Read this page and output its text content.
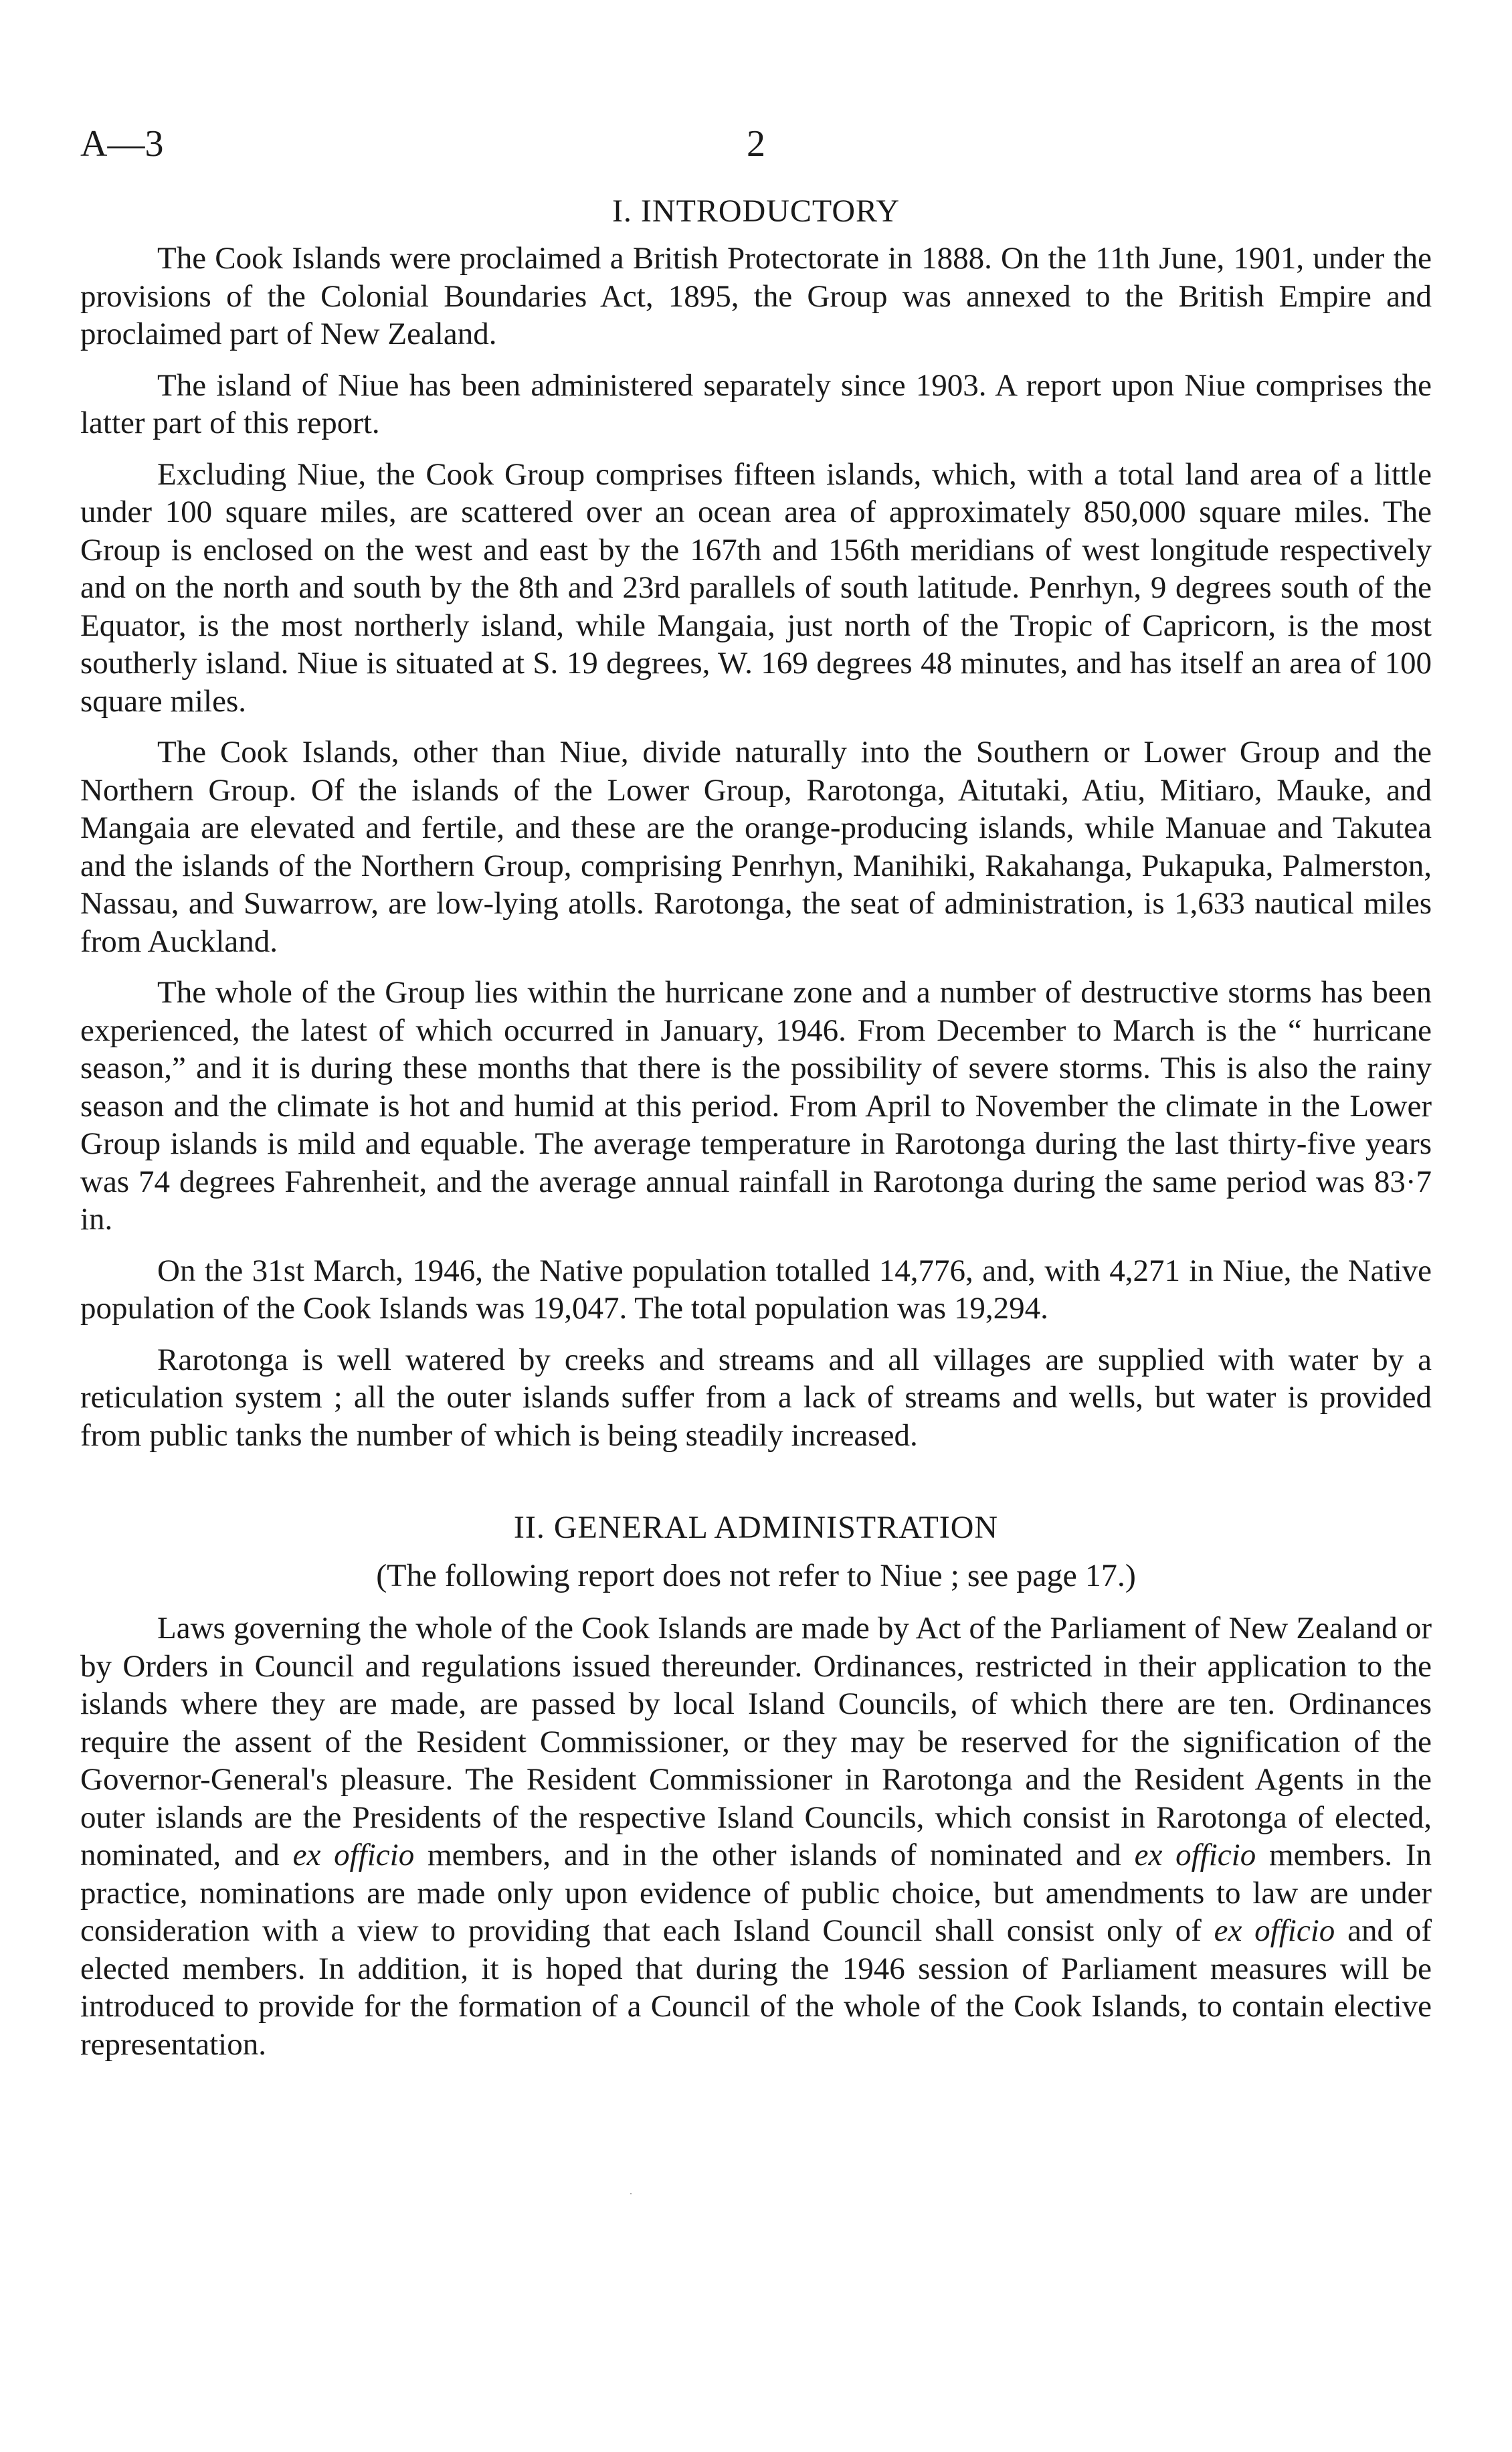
A—3	2
I. INTRODUCTORY

The Cook Islands were proclaimed a British Protectorate in 1888. On the 11th June, 1901, under the provisions of the Colonial Boundaries Act, 1895, the Group was annexed to the British Empire and proclaimed part of New Zealand.

The island of Niue has been administered separately since 1903. A report upon Niue comprises the latter part of this report.

Excluding Niue, the Cook Group comprises fifteen islands, which, with a total land area of a little under 100 square miles, are scattered over an ocean area of approximately 850,000 square miles. The Group is enclosed on the west and east by the 167th and 156th meridians of west longitude respectively and on the north and south by the 8th and 23rd parallels of south latitude. Penrhyn, 9 degrees south of the Equator, is the most northerly island, while Mangaia, just north of the Tropic of Capricorn, is the most southerly island. Niue is situated at S. 19 degrees, W. 169 degrees 48 minutes, and has itself an area of 100 square miles.

The Cook Islands, other than Niue, divide naturally into the Southern or Lower Group and the Northern Group. Of the islands of the Lower Group, Rarotonga, Aitutaki, Atiu, Mitiaro, Mauke, and Mangaia are elevated and fertile, and these are the orange-producing islands, while Manuae and Takutea and the islands of the Northern Group, comprising Penrhyn, Manihiki, Rakahanga, Pukapuka, Palmerston, Nassau, and Suwarrow, are low-lying atolls. Rarotonga, the seat of administration, is 1,633 nautical miles from Auckland.

The whole of the Group lies within the hurricane zone and a number of destructive storms has been experienced, the latest of which occurred in January, 1946. From December to March is the “ hurricane season,” and it is during these months that there is the possibility of severe storms. This is also the rainy season and the climate is hot and humid at this period. From April to November the climate in the Lower Group islands is mild and equable. The average temperature in Rarotonga during the last thirty-five years was 74 degrees Fahrenheit, and the average annual rainfall in Rarotonga during the same period was 83·7 in.

On the 31st March, 1946, the Native population totalled 14,776, and, with 4,271 in Niue, the Native population of the Cook Islands was 19,047. The total population was 19,294.

Rarotonga is well watered by creeks and streams and all villages are supplied with water by a reticulation system ; all the outer islands suffer from a lack of streams and wells, but water is provided from public tanks the number of which is being steadily increased.

II. GENERAL ADMINISTRATION
(The following report does not refer to Niue ; see page 17.)

Laws governing the whole of the Cook Islands are made by Act of the Parliament of New Zealand or by Orders in Council and regulations issued thereunder. Ordinances, restricted in their application to the islands where they are made, are passed by local Island Councils, of which there are ten. Ordinances require the assent of the Resident Commissioner, or they may be reserved for the signification of the Governor-General's pleasure. The Resident Commissioner in Rarotonga and the Resident Agents in the outer islands are the Presidents of the respective Island Councils, which consist in Rarotonga of elected, nominated, and ex officio members, and in the other islands of nominated and ex officio members. In practice, nominations are made only upon evidence of public choice, but amendments to law are under consideration with a view to providing that each Island Council shall consist only of ex officio and of elected members. In addition, it is hoped that during the 1946 session of Parliament measures will be introduced to provide for the formation of a Council of the whole of the Cook Islands, to contain elective representation.

·
